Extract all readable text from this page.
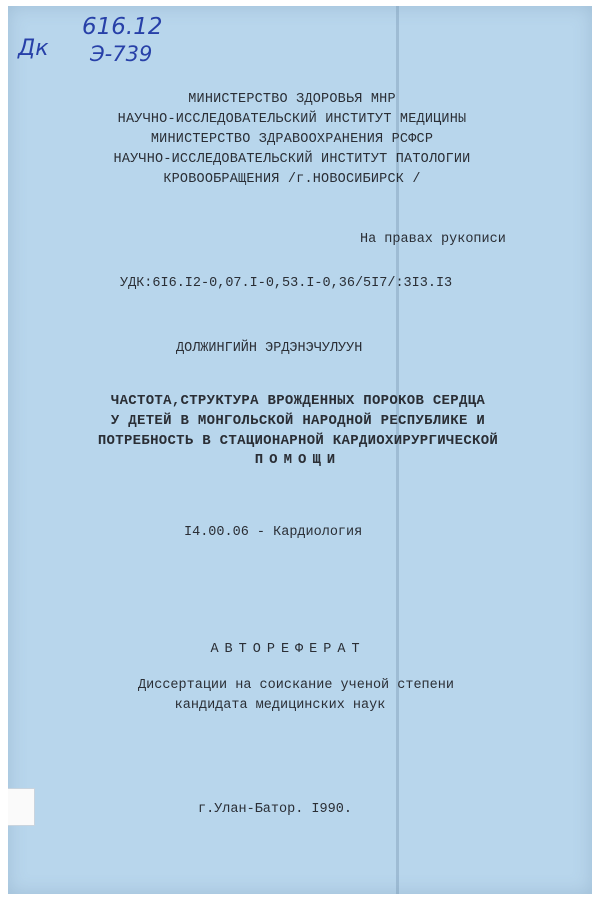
Дк
616.12
Э-739
МИНИСТЕРСТВО ЗДОРОВЬЯ МНР
НАУЧНО-ИССЛЕДОВАТЕЛЬСКИЙ ИНСТИТУТ МЕДИЦИНЫ
МИНИСТЕРСТВО ЗДРАВООХРАНЕНИЯ РСФСР
НАУЧНО-ИССЛЕДОВАТЕЛЬСКИЙ ИНСТИТУТ ПАТОЛОГИИ
КРОВООБРАЩЕНИЯ /г.НОВОСИБИРСК /
На правах рукописи
УДК:6I6.I2-0,07.I-0,53.I-0,36/5I7/:3I3.I3
ДОЛЖИНГИЙН ЭРДЭНЭЧУЛУУН
ЧАСТОТА,СТРУКТУРА ВРОЖДЕННЫХ ПОРОКОВ СЕРДЦА
У ДЕТЕЙ В МОНГОЛЬСКОЙ НАРОДНОЙ РЕСПУБЛИКЕ И
ПОТРЕБНОСТЬ В СТАЦИОНАРНОЙ КАРДИОХИРУРГИЧЕСКОЙ
ПОМОЩИ
I4.00.06 - Кардиология
АВТОРЕФЕРАТ
Диссертации на соискание ученой степени
кандидата медицинских наук
г.Улан-Батор. I990.
